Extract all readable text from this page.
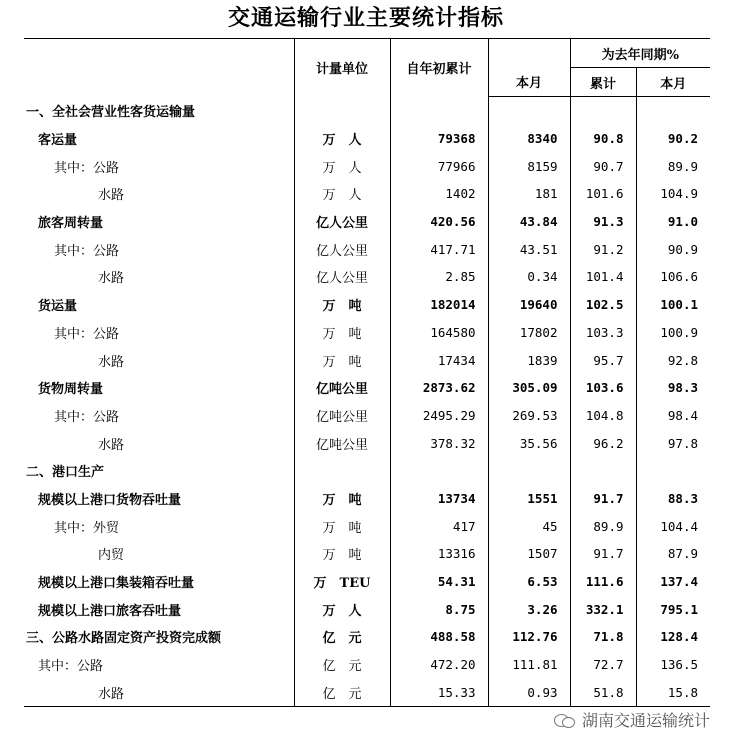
交通运输行业主要统计指标
	计量单位	自年初累计		为去年同期%	
			本月	累计	本月
一、全社会营业性客货运输量					
客运量	万　人	79368	8340	90.8	90.2
其中：公路	万　人	77966	8159	90.7	89.9
水路	万　人	1402	181	101.6	104.9
旅客周转量	亿人公里	420.56	43.84	91.3	91.0
其中：公路	亿人公里	417.71	43.51	91.2	90.9
水路	亿人公里	2.85	0.34	101.4	106.6
货运量	万　吨	182014	19640	102.5	100.1
其中：公路	万　吨	164580	17802	103.3	100.9
水路	万　吨	17434	1839	95.7	92.8
货物周转量	亿吨公里	2873.62	305.09	103.6	98.3
其中：公路	亿吨公里	2495.29	269.53	104.8	98.4
水路	亿吨公里	378.32	35.56	96.2	97.8
二、港口生产					
规模以上港口货物吞吐量	万　吨	13734	1551	91.7	88.3
其中：外贸	万　吨	417	45	89.9	104.4
内贸	万　吨	13316	1507	91.7	87.9
规模以上港口集装箱吞吐量	万　TEU	54.31	6.53	111.6	137.4
规模以上港口旅客吞吐量	万　人	8.75	3.26	332.1	795.1
三、公路水路固定资产投资完成额	亿　元	488.58	112.76	71.8	128.4
其中：公路	亿　元	472.20	111.81	72.7	136.5
水路	亿　元	15.33	0.93	51.8	15.8
湖南交通运输统计
